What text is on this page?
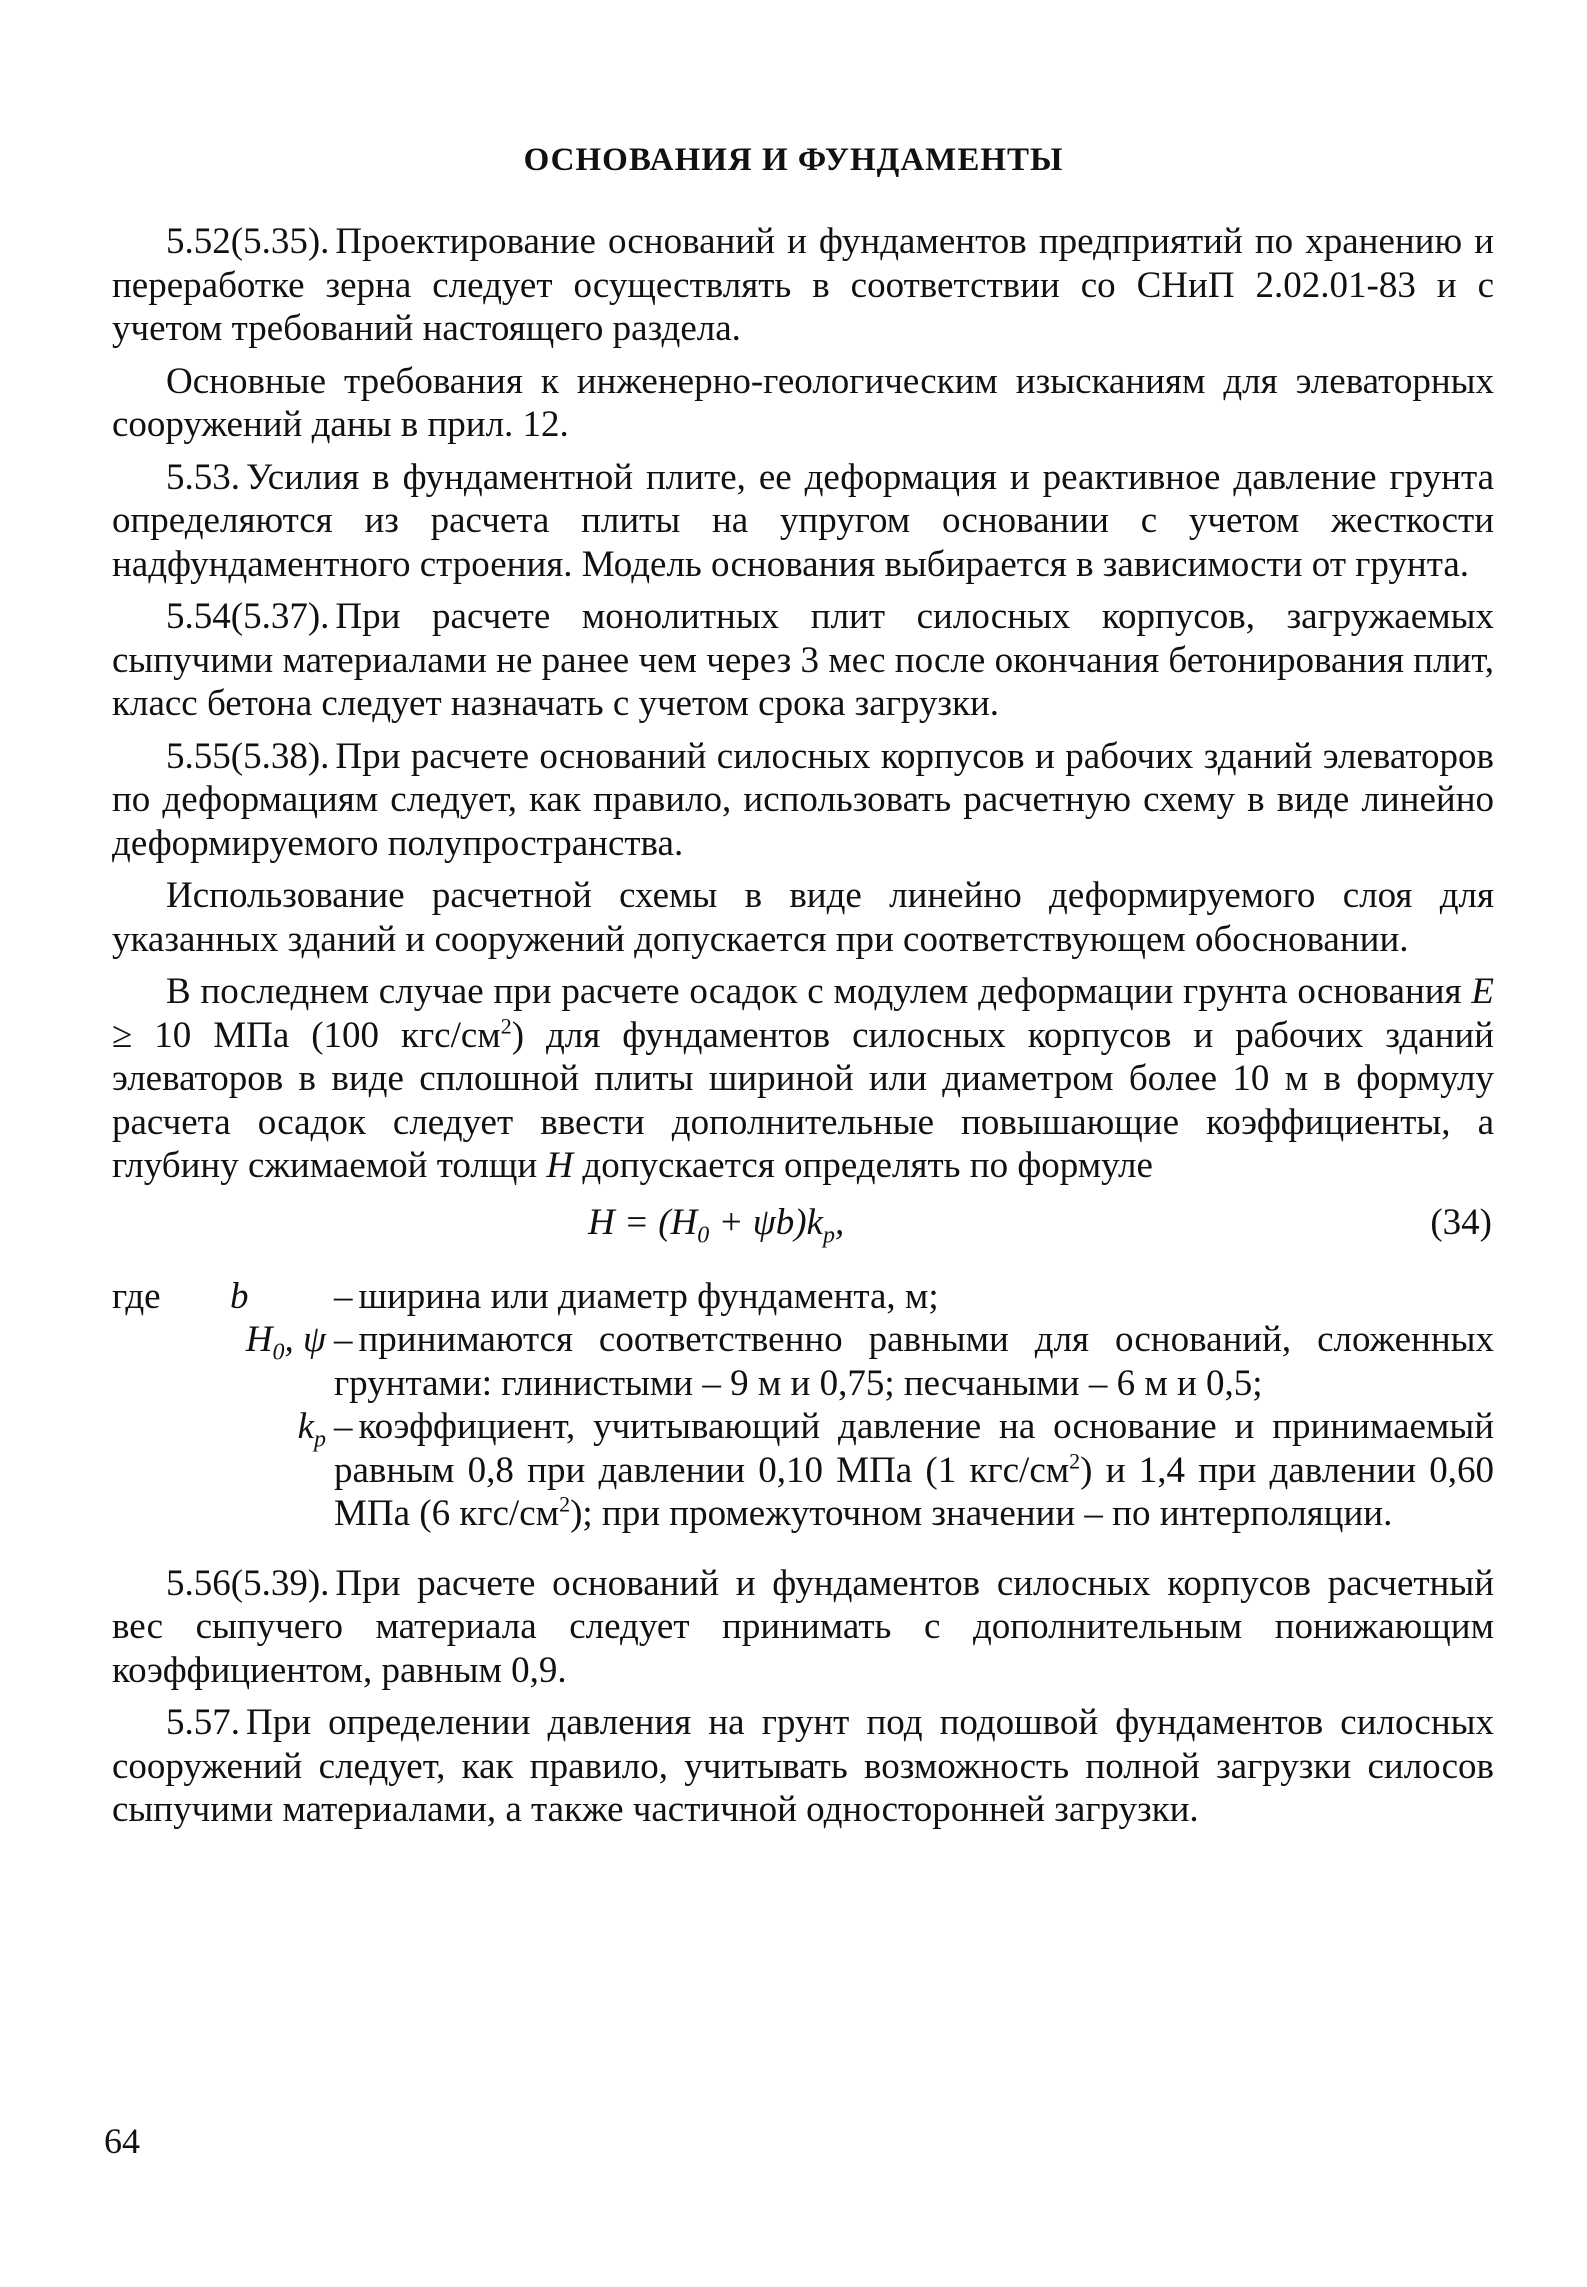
ОСНОВАНИЯ И ФУНДАМЕНТЫ

5.52(5.35). Проектирование оснований и фундаментов предприятий по хранению и переработке зерна следует осуществлять в соответствии со СНиП 2.02.01-83 и с учетом требований настоящего раздела.

Основные требования к инженерно-геологическим изысканиям для элеваторных сооружений даны в прил. 12.

5.53. Усилия в фундаментной плите, ее деформация и реактивное давление грунта определяются из расчета плиты на упругом основании с учетом жесткости надфундаментного строения. Модель основания выбирается в зависимости от грунта.

5.54(5.37). При расчете монолитных плит силосных корпусов, загружаемых сыпучими материалами не ранее чем через 3 мес после окончания бетонирования плит, класс бетона следует назначать с учетом срока загрузки.

5.55(5.38). При расчете оснований силосных корпусов и рабочих зданий элеваторов по деформациям следует, как правило, использовать расчетную схему в виде линейно деформируемого полупространства.

Использование расчетной схемы в виде линейно деформируемого слоя для указанных зданий и сооружений допускается при соответствующем обосновании.

В последнем случае при расчете осадок с модулем деформации грунта основания E ≥ 10 МПа (100 кгс/$см^2$) для фундаментов силосных корпусов и рабочих зданий элеваторов в виде сплошной плиты шириной или диаметром более 10 м в формулу расчета осадок следует ввести дополнительные повышающие коэффициенты, а глубину сжимаемой толщи H допускается определять по формуле

$H = (H_0 + \psi b)k_p$,	(34)
где	b	– ширина или диаметр фундамента, м;
$H_0$, ψ – принимаются соответственно равными для оснований, сложенных грунтами: глинистыми – 9 м и 0,75; песчаными – 6 м и 0,5;
$k_p$ – коэффициент, учитывающий давление на основание и принимаемый равным 0,8 при давлении 0,10 МПа (1 кгс/$см^2$) и 1,4 при давлении 0,60 МПа (6 кгс/$см^2$); при промежуточном значении – по интерполяции.

5.56(5.39). При расчете оснований и фундаментов силосных корпусов расчетный вес сыпучего материала следует принимать с дополнительным понижающим коэффициентом, равным 0,9.

5.57. При определении давления на грунт под подошвой фундаментов силосных сооружений следует, как правило, учитывать возможность полной загрузки силосов сыпучими материалами, а также частичной односторонней загрузки.

64
